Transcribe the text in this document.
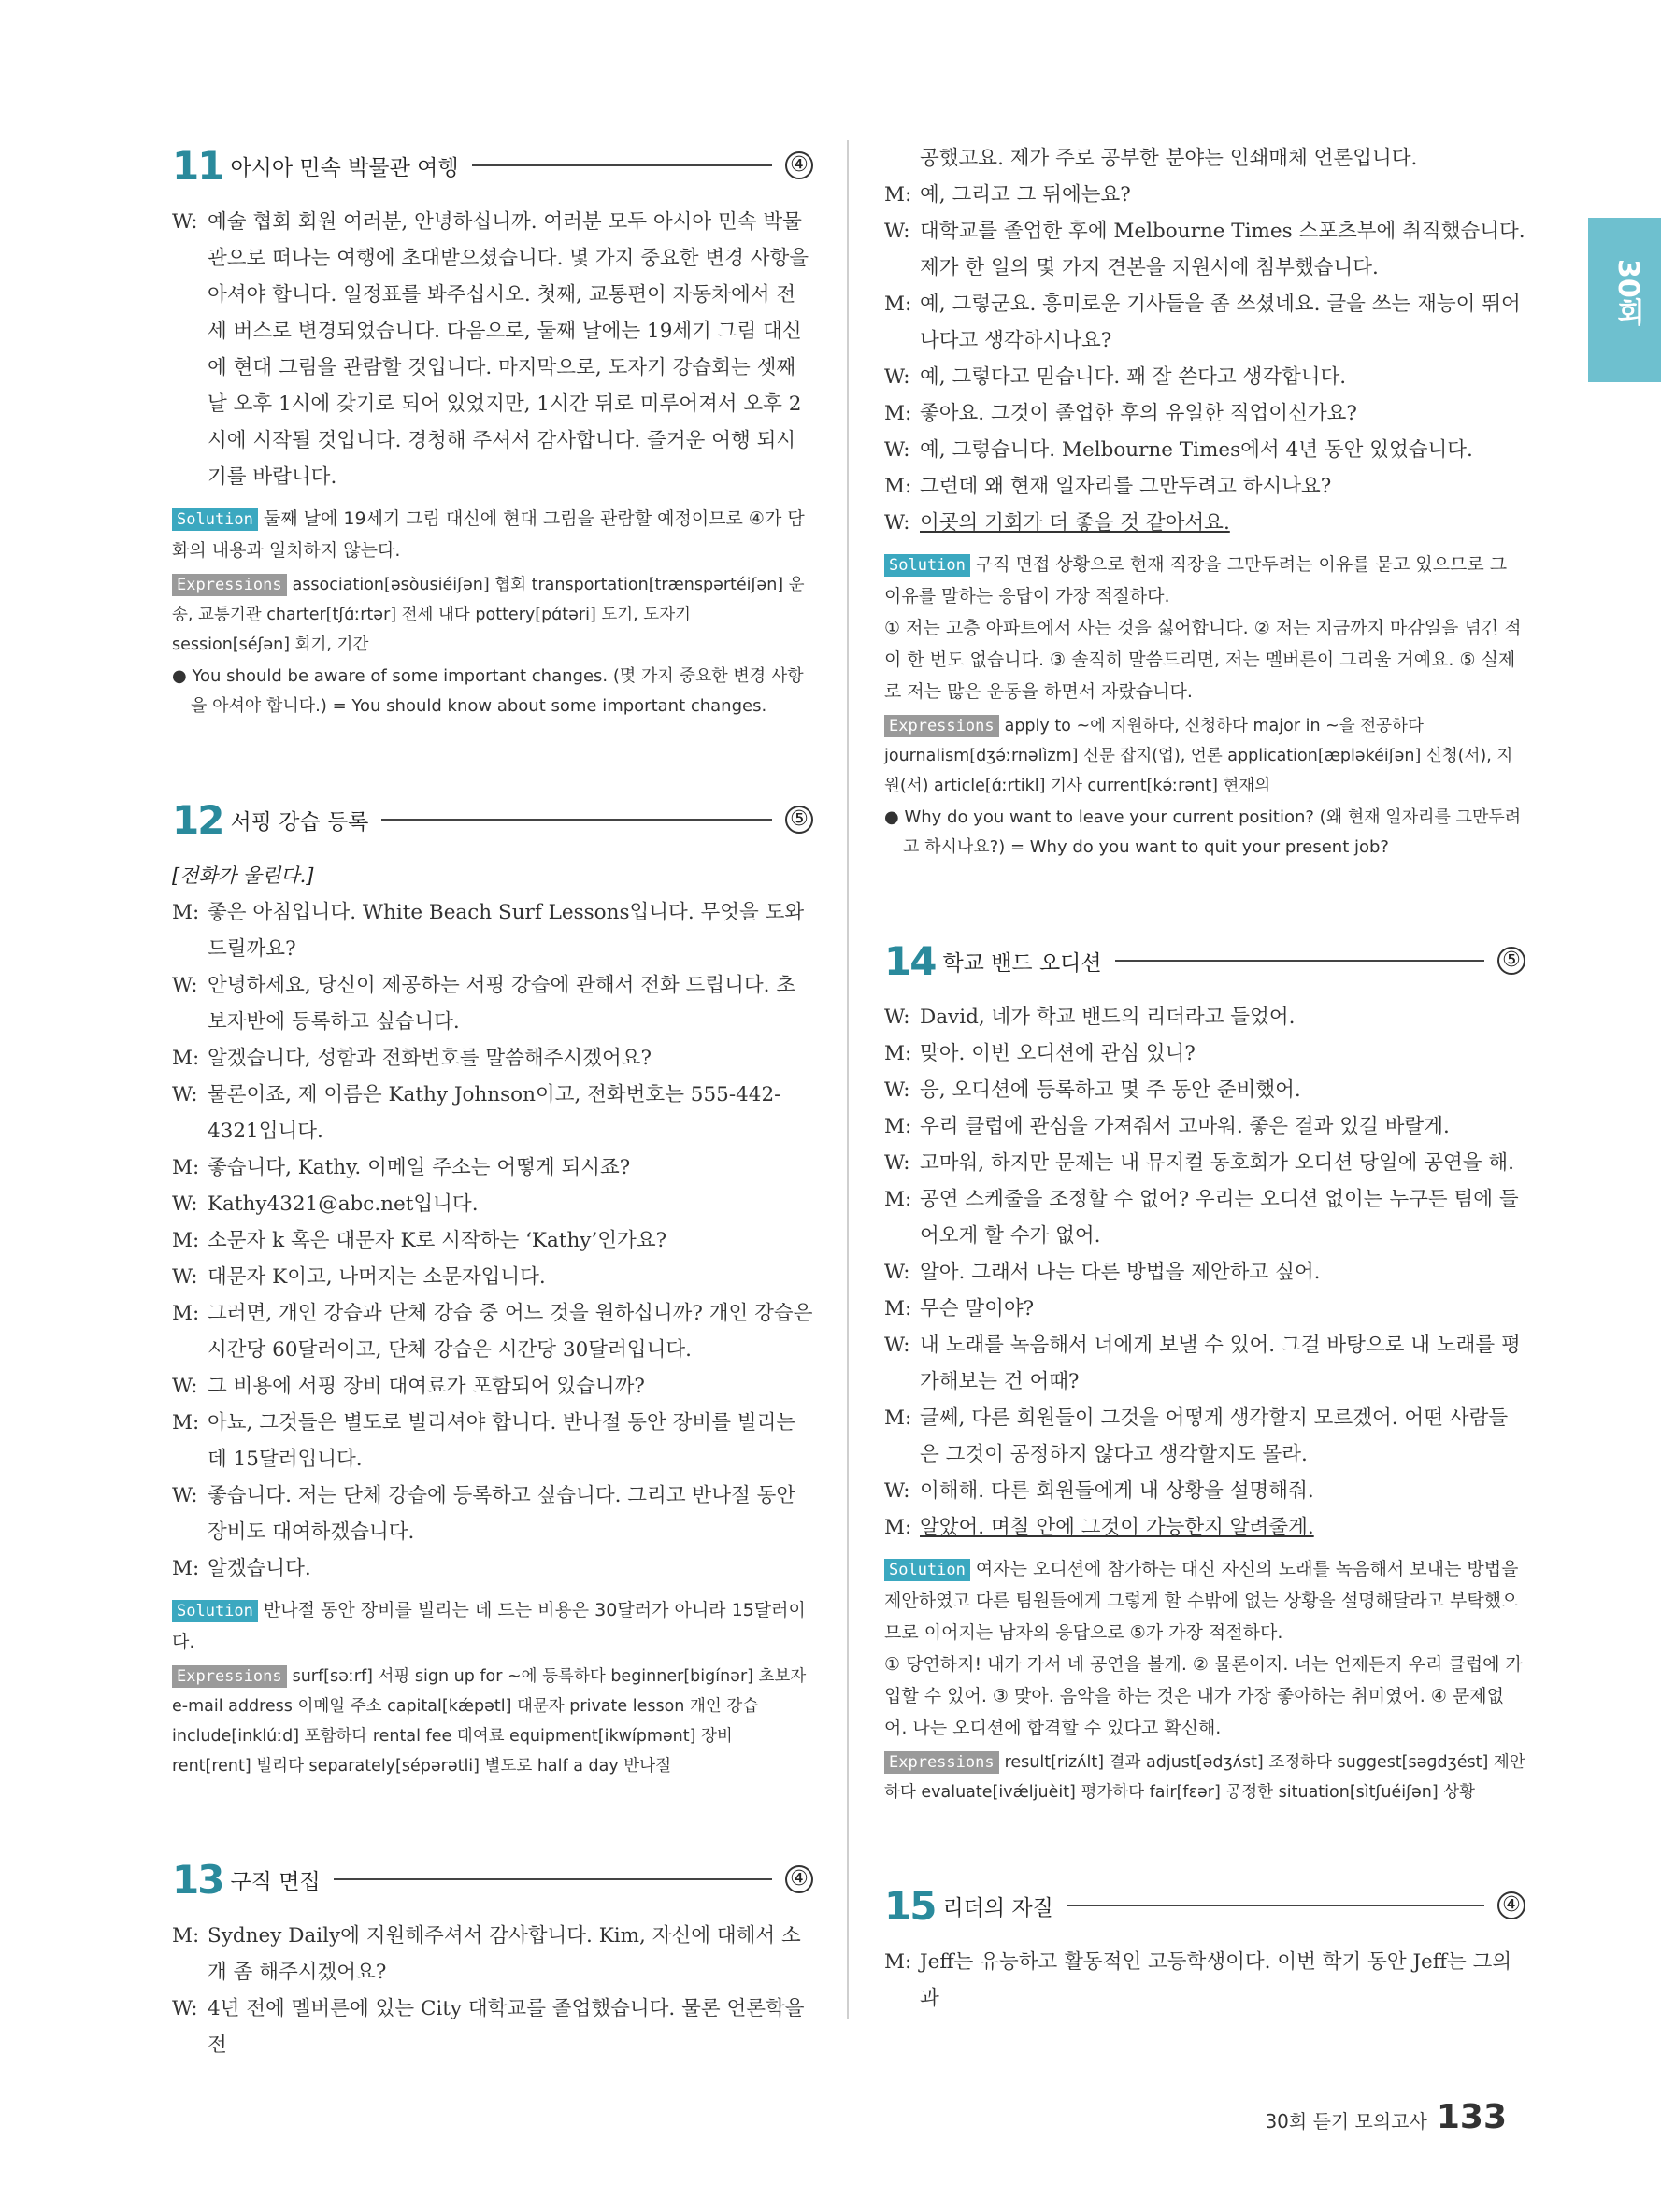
30회
11 아시아 민속 박물관 여행	④

W: 예술 협회 회원 여러분, 안녕하십니까. 여러분 모두 아시아 민속 박물관으로 떠나는 여행에 초대받으셨습니다. 몇 가지 중요한 변경 사항을 아셔야 합니다. 일정표를 봐주십시오. 첫째, 교통편이 자동차에서 전세 버스로 변경되었습니다. 다음으로, 둘째 날에는 19세기 그림 대신에 현대 그림을 관람할 것입니다. 마지막으로, 도자기 강습회는 셋째 날 오후 1시에 갖기로 되어 있었지만, 1시간 뒤로 미루어져서 오후 2시에 시작될 것입니다. 경청해 주셔서 감사합니다. 즐거운 여행 되시기를 바랍니다.

Solution 둘째 날에 19세기 그림 대신에 현대 그림을 관람할 예정이므로 ④가 담화의 내용과 일치하지 않는다.

Expressions association[əsòusiéiʃən] 협회 transportation[trænspərtéiʃən] 운송, 교통기관 charter[tʃɑ́ːrtər] 전세 내다 pottery[pɑ́təri] 도기, 도자기 session[séʃən] 회기, 기간

● You should be aware of some important changes. (몇 가지 중요한 변경 사항을 아셔야 합니다.) = You should know about some important changes.

12 서핑 강습 등록	⑤

[전화가 울린다.]

M: 좋은 아침입니다. White Beach Surf Lessons입니다. 무엇을 도와드릴까요?

W: 안녕하세요, 당신이 제공하는 서핑 강습에 관해서 전화 드립니다. 초보자반에 등록하고 싶습니다.

M: 알겠습니다, 성함과 전화번호를 말씀해주시겠어요?

W: 물론이죠, 제 이름은 Kathy Johnson이고, 전화번호는 555-442-4321입니다.

M: 좋습니다, Kathy. 이메일 주소는 어떻게 되시죠?

W: Kathy4321@abc.net입니다.

M: 소문자 k 혹은 대문자 K로 시작하는 ‘Kathy’인가요?

W: 대문자 K이고, 나머지는 소문자입니다.

M: 그러면, 개인 강습과 단체 강습 중 어느 것을 원하십니까? 개인 강습은 시간당 60달러이고, 단체 강습은 시간당 30달러입니다.

W: 그 비용에 서핑 장비 대여료가 포함되어 있습니까?

M: 아뇨, 그것들은 별도로 빌리셔야 합니다. 반나절 동안 장비를 빌리는 데 15달러입니다.

W: 좋습니다. 저는 단체 강습에 등록하고 싶습니다. 그리고 반나절 동안 장비도 대여하겠습니다.

M: 알겠습니다.

Solution 반나절 동안 장비를 빌리는 데 드는 비용은 30달러가 아니라 15달러이다.

Expressions surf[səːrf] 서핑 sign up for ~에 등록하다 beginner[bigínər] 초보자 e-mail address 이메일 주소 capital[kǽpətl] 대문자 private lesson 개인 강습 include[inklúːd] 포함하다 rental fee 대여료 equipment[ikwípmənt] 장비 rent[rent] 빌리다 separately[sépərətli] 별도로 half a day 반나절

13 구직 면접	④

M: Sydney Daily에 지원해주셔서 감사합니다. Kim, 자신에 대해서 소개 좀 해주시겠어요?

W: 4년 전에 멜버른에 있는 City 대학교를 졸업했습니다. 물론 언론학을 전

공했고요. 제가 주로 공부한 분야는 인쇄매체 언론입니다.

M: 예, 그리고 그 뒤에는요?

W: 대학교를 졸업한 후에 Melbourne Times 스포츠부에 취직했습니다. 제가 한 일의 몇 가지 견본을 지원서에 첨부했습니다.

M: 예, 그렇군요. 흥미로운 기사들을 좀 쓰셨네요. 글을 쓰는 재능이 뛰어나다고 생각하시나요?

W: 예, 그렇다고 믿습니다. 꽤 잘 쓴다고 생각합니다.

M: 좋아요. 그것이 졸업한 후의 유일한 직업이신가요?

W: 예, 그렇습니다. Melbourne Times에서 4년 동안 있었습니다.

M: 그런데 왜 현재 일자리를 그만두려고 하시나요?

W: 이곳의 기회가 더 좋을 것 같아서요.

Solution 구직 면접 상황으로 현재 직장을 그만두려는 이유를 묻고 있으므로 그 이유를 말하는 응답이 가장 적절하다.

① 저는 고층 아파트에서 사는 것을 싫어합니다. ② 저는 지금까지 마감일을 넘긴 적이 한 번도 없습니다. ③ 솔직히 말씀드리면, 저는 멜버른이 그리울 거예요. ⑤ 실제로 저는 많은 운동을 하면서 자랐습니다.

Expressions apply to ~에 지원하다, 신청하다 major in ~을 전공하다 journalism[dʒə́ːrnəlìzm] 신문 잡지(업), 언론 application[æpləkéiʃən] 신청(서), 지원(서) article[ɑ́ːrtikl] 기사 current[kə́ːrənt] 현재의

● Why do you want to leave your current position? (왜 현재 일자리를 그만두려고 하시나요?) = Why do you want to quit your present job?

14 학교 밴드 오디션	⑤

W: David, 네가 학교 밴드의 리더라고 들었어.

M: 맞아. 이번 오디션에 관심 있니?

W: 응, 오디션에 등록하고 몇 주 동안 준비했어.

M: 우리 클럽에 관심을 가져줘서 고마워. 좋은 결과 있길 바랄게.

W: 고마워, 하지만 문제는 내 뮤지컬 동호회가 오디션 당일에 공연을 해.

M: 공연 스케줄을 조정할 수 없어? 우리는 오디션 없이는 누구든 팀에 들어오게 할 수가 없어.

W: 알아. 그래서 나는 다른 방법을 제안하고 싶어.

M: 무슨 말이야?

W: 내 노래를 녹음해서 너에게 보낼 수 있어. 그걸 바탕으로 내 노래를 평가해보는 건 어때?

M: 글쎄, 다른 회원들이 그것을 어떻게 생각할지 모르겠어. 어떤 사람들은 그것이 공정하지 않다고 생각할지도 몰라.

W: 이해해. 다른 회원들에게 내 상황을 설명해줘.

M: 알았어. 며칠 안에 그것이 가능한지 알려줄게.

Solution 여자는 오디션에 참가하는 대신 자신의 노래를 녹음해서 보내는 방법을 제안하였고 다른 팀원들에게 그렇게 할 수밖에 없는 상황을 설명해달라고 부탁했으므로 이어지는 남자의 응답으로 ⑤가 가장 적절하다.

① 당연하지! 내가 가서 네 공연을 볼게. ② 물론이지. 너는 언제든지 우리 클럽에 가입할 수 있어. ③ 맞아. 음악을 하는 것은 내가 가장 좋아하는 취미였어. ④ 문제없어. 나는 오디션에 합격할 수 있다고 확신해.

Expressions result[rizʌ́lt] 결과 adjust[ədʒʌ́st] 조정하다 suggest[səɡdʒést] 제안하다 evaluate[ivǽljuèit] 평가하다 fair[fɛər] 공정한 situation[sìtʃuéiʃən] 상황

15 리더의 자질	④

M: Jeff는 유능하고 활동적인 고등학생이다. 이번 학기 동안 Jeff는 그의 과

30회 듣기 모의고사 133
